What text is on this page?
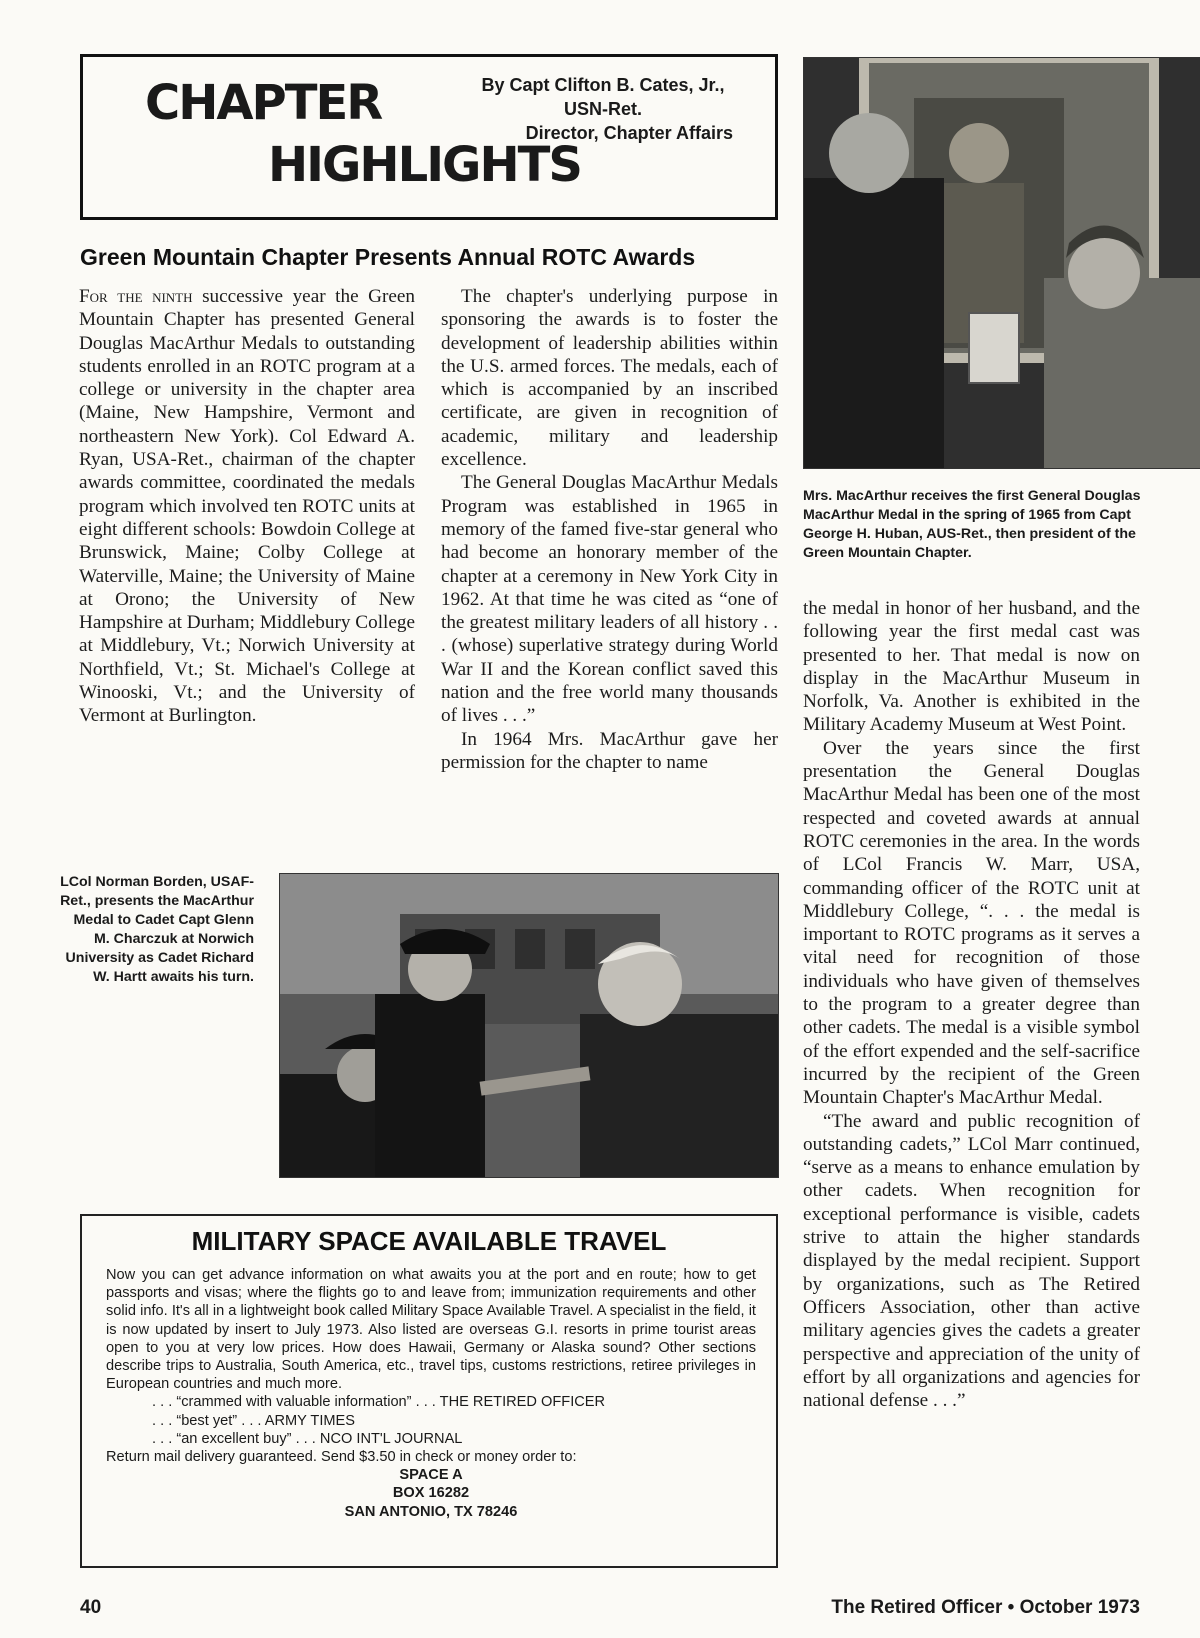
CHAPTER
HIGHLIGHTS
By Capt Clifton B. Cates, Jr.,
USN-Ret.
Director, Chapter Affairs
Mrs. MacArthur receives the first General Douglas MacArthur Medal in the spring of 1965 from Capt George H. Huban, AUS-Ret., then president of the Green Mountain Chapter.
Green Mountain Chapter Presents Annual ROTC Awards

For the ninth successive year the Green Mountain Chapter has presented General Douglas MacArthur Medals to outstanding students enrolled in an ROTC program at a college or university in the chapter area (Maine, New Hampshire, Vermont and northeastern New York). Col Edward A. Ryan, USA-Ret., chairman of the chapter awards committee, coordinated the medals program which involved ten ROTC units at eight different schools: Bowdoin College at Brunswick, Maine; Colby College at Waterville, Maine; the University of Maine at Orono; the University of New Hampshire at Durham; Middlebury College at Middlebury, Vt.; Norwich University at Northfield, Vt.; St. Michael's College at Winooski, Vt.; and the University of Vermont at Burlington.

The chapter's underlying purpose in sponsoring the awards is to foster the development of leadership abilities within the U.S. armed forces. The medals, each of which is accompanied by an inscribed certificate, are given in recognition of academic, military and leadership excellence.

The General Douglas MacArthur Medals Program was established in 1965 in memory of the famed five-star general who had become an honorary member of the chapter at a ceremony in New York City in 1962. At that time he was cited as “one of the greatest military leaders of all history . . . (whose) superlative strategy during World War II and the Korean conflict saved this nation and the free world many thousands of lives . . .”

In 1964 Mrs. MacArthur gave her permission for the chapter to name

the medal in honor of her husband, and the following year the first medal cast was presented to her. That medal is now on display in the MacArthur Museum in Norfolk, Va. Another is exhibited in the Military Academy Museum at West Point.

Over the years since the first presentation the General Douglas MacArthur Medal has been one of the most respected and coveted awards at annual ROTC ceremonies in the area. In the words of LCol Francis W. Marr, USA, commanding officer of the ROTC unit at Middlebury College, “. . . the medal is important to ROTC programs as it serves a vital need for recognition of those individuals who have given of themselves to the program to a greater degree than other cadets. The medal is a visible symbol of the effort expended and the self-sacrifice incurred by the recipient of the Green Mountain Chapter's MacArthur Medal.

“The award and public recognition of outstanding cadets,” LCol Marr continued, “serve as a means to enhance emulation by other cadets. When recognition for exceptional performance is visible, cadets strive to attain the higher standards displayed by the medal recipient. Support by organizations, such as The Retired Officers Association, other than active military agencies gives the cadets a greater perspective and appreciation of the unity of effort by all organizations and agencies for national defense . . .”

LCol Norman Borden, USAF-Ret., presents the MacArthur Medal to Cadet Capt Glenn M. Charczuk at Norwich University as Cadet Richard W. Hartt awaits his turn.
MILITARY SPACE AVAILABLE TRAVEL
Now you can get advance information on what awaits you at the port and en route; how to get passports and visas; where the flights go to and leave from; immunization requirements and other solid info. It's all in a lightweight book called Military Space Available Travel. A specialist in the field, it is now updated by insert to July 1973. Also listed are overseas G.I. resorts in prime tourist areas open to you at very low prices. How does Hawaii, Germany or Alaska sound? Other sections describe trips to Australia, South America, etc., travel tips, customs restrictions, retiree privileges in European countries and much more.
. . . “crammed with valuable information” . . . THE RETIRED OFFICER
. . . “best yet” . . . ARMY TIMES
. . . “an excellent buy” . . . NCO INT'L JOURNAL
Return mail delivery guaranteed. Send $3.50 in check or money order to:
SPACE A
BOX 16282
SAN ANTONIO, TX 78246
40	The Retired Officer • October 1973
